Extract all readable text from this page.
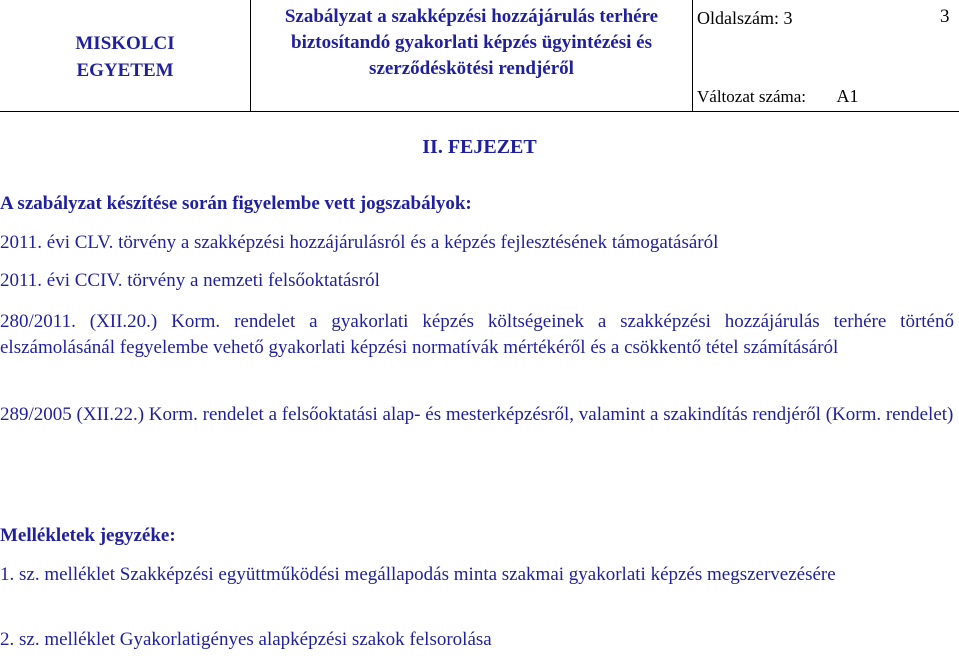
MISKOLCI
EGYETEM
Szabályzat a szakképzési hozzájárulás terhére
biztosítandó gyakorlati képzés ügyintézési és
szerződéskötési rendjéről
Oldalszám: 3	3
Változat száma: A1
II. FEJEZET
A szabályzat készítése során figyelembe vett jogszabályok:
2011. évi CLV. törvény a szakképzési hozzájárulásról és a képzés fejlesztésének támogatásáról
2011. évi CCIV. törvény a nemzeti felsőoktatásról
280/2011. (XII.20.) Korm. rendelet a gyakorlati képzés költségeinek a szakképzési hozzájárulás terhére történő elszámolásánál fegyelembe vehető gyakorlati képzési normatívák mértékéről és a csökkentő tétel számításáról
289/2005 (XII.22.) Korm. rendelet a felsőoktatási alap- és mesterképzésről, valamint a szakindítás rendjéről (Korm. rendelet)
Mellékletek jegyzéke:
1. sz. melléklet Szakképzési együttműködési megállapodás minta szakmai gyakorlati képzés megszervezésére
2. sz. melléklet Gyakorlatigényes alapképzési szakok felsorolása
